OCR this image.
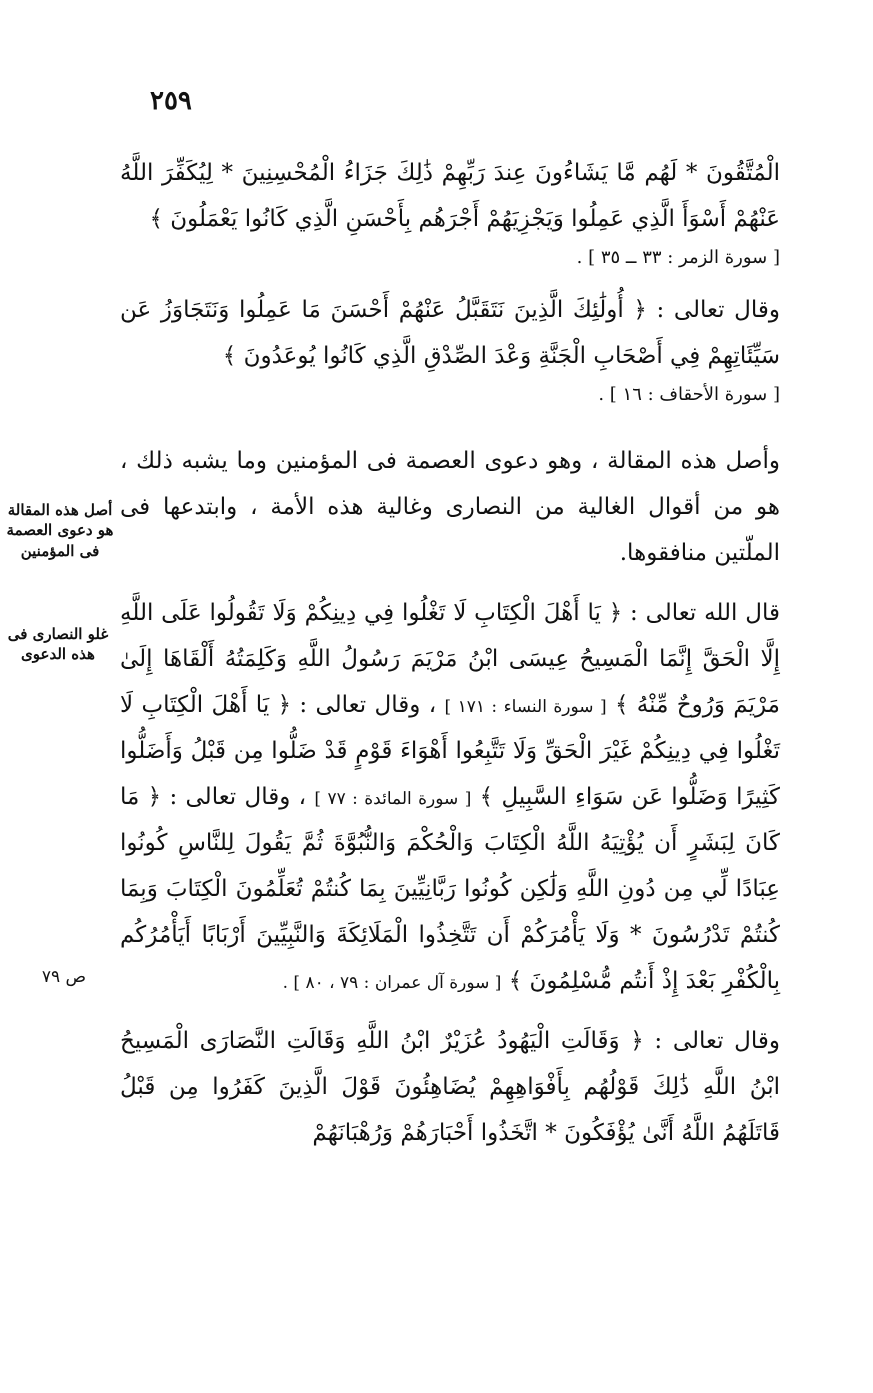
٢٥٩

الْمُتَّقُونَ * لَهُم مَّا يَشَاءُونَ عِندَ رَبِّهِمْ ذَٰلِكَ جَزَاءُ الْمُحْسِنِينَ * لِيُكَفِّرَ اللَّهُ عَنْهُمْ أَسْوَأَ الَّذِي عَمِلُوا وَيَجْزِيَهُمْ أَجْرَهُم بِأَحْسَنِ الَّذِي كَانُوا يَعْمَلُونَ ﴾

[ سورة الزمر : ٣٣ ــ ٣٥ ] .

وقال تعالى : ﴿ أُولَٰئِكَ الَّذِينَ نَتَقَبَّلُ عَنْهُمْ أَحْسَنَ مَا عَمِلُوا وَنَتَجَاوَزُ عَن سَيِّئَاتِهِمْ فِي أَصْحَابِ الْجَنَّةِ وَعْدَ الصِّدْقِ الَّذِي كَانُوا يُوعَدُونَ ﴾

[ سورة الأحقاف : ١٦ ] .

وأصل هذه المقالة ، وهو دعوى العصمة فى المؤمنين وما يشبه ذلك ، هو من أقوال الغالية من النصارى وغالية هذه الأمة ، وابتدعها فى الملّتين منافقوها.

قال الله تعالى : ﴿ يَا أَهْلَ الْكِتَابِ لَا تَغْلُوا فِي دِينِكُمْ وَلَا تَقُولُوا عَلَى اللَّهِ إِلَّا الْحَقَّ إِنَّمَا الْمَسِيحُ عِيسَى ابْنُ مَرْيَمَ رَسُولُ اللَّهِ وَكَلِمَتُهُ أَلْقَاهَا إِلَىٰ مَرْيَمَ وَرُوحٌ مِّنْهُ ﴾ [ سورة النساء : ١٧١ ] ، وقال تعالى : ﴿ يَا أَهْلَ الْكِتَابِ لَا تَغْلُوا فِي دِينِكُمْ غَيْرَ الْحَقِّ وَلَا تَتَّبِعُوا أَهْوَاءَ قَوْمٍ قَدْ ضَلُّوا مِن قَبْلُ وَأَضَلُّوا كَثِيرًا وَضَلُّوا عَن سَوَاءِ السَّبِيلِ ﴾ [ سورة المائدة : ٧٧ ] ، وقال تعالى : ﴿ مَا كَانَ لِبَشَرٍ أَن يُؤْتِيَهُ اللَّهُ الْكِتَابَ وَالْحُكْمَ وَالنُّبُوَّةَ ثُمَّ يَقُولَ لِلنَّاسِ كُونُوا عِبَادًا لِّي مِن دُونِ اللَّهِ وَلَٰكِن كُونُوا رَبَّانِيِّينَ بِمَا كُنتُمْ تُعَلِّمُونَ الْكِتَابَ وَبِمَا كُنتُمْ تَدْرُسُونَ * وَلَا يَأْمُرَكُمْ أَن تَتَّخِذُوا الْمَلَائِكَةَ وَالنَّبِيِّينَ أَرْبَابًا أَيَأْمُرُكُم بِالْكُفْرِ بَعْدَ إِذْ أَنتُم مُّسْلِمُونَ ﴾ [ سورة آل عمران : ٧٩ ، ٨٠ ] .

وقال تعالى : ﴿ وَقَالَتِ الْيَهُودُ عُزَيْرٌ ابْنُ اللَّهِ وَقَالَتِ النَّصَارَى الْمَسِيحُ ابْنُ اللَّهِ ذَٰلِكَ قَوْلُهُم بِأَفْوَاهِهِمْ يُضَاهِئُونَ قَوْلَ الَّذِينَ كَفَرُوا مِن قَبْلُ قَاتَلَهُمُ اللَّهُ أَنَّىٰ يُؤْفَكُونَ * اتَّخَذُوا أَحْبَارَهُمْ وَرُهْبَانَهُمْ

أصل هذه المقالة هو دعوى العصمة فى المؤمنين
غلو النصارى فى هذه الدعوى
ص ٧٩
